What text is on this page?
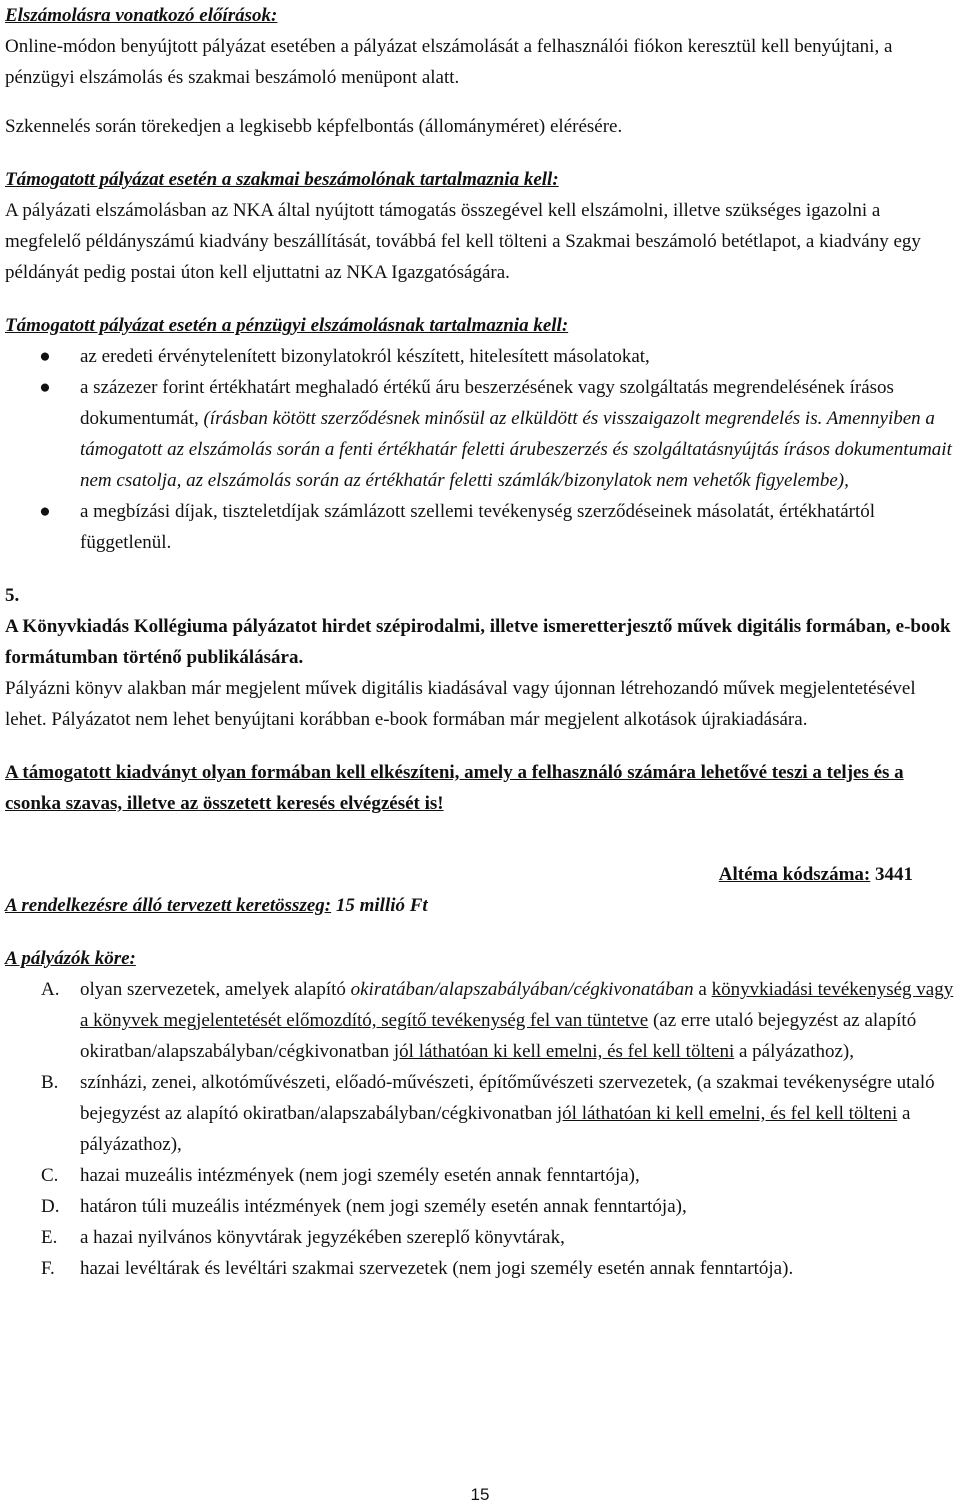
Elszámolásra vonatkozó előírások:

Online-módon benyújtott pályázat esetében a pályázat elszámolását a felhasználói fiókon keresztül kell benyújtani, a pénzügyi elszámolás és szakmai beszámoló menüpont alatt.

Szkennelés során törekedjen a legkisebb képfelbontás (állományméret) elérésére.

Támogatott pályázat esetén a szakmai beszámolónak tartalmaznia kell:

A pályázati elszámolásban az NKA által nyújtott támogatás összegével kell elszámolni, illetve szükséges igazolni a megfelelő példányszámú kiadvány beszállítását, továbbá fel kell tölteni a Szakmai beszámoló betétlapot, a kiadvány egy példányát pedig postai úton kell eljuttatni az NKA Igazgatóságára.

Támogatott pályázat esetén a pénzügyi elszámolásnak tartalmaznia kell:

● az eredeti érvénytelenített bizonylatokról készített, hitelesített másolatokat,

● a százezer forint értékhatárt meghaladó értékű áru beszerzésének vagy szolgáltatás megrendelésének írásos dokumentumát, (írásban kötött szerződésnek minősül az elküldött és visszaigazolt megrendelés is. Amennyiben a támogatott az elszámolás során a fenti értékhatár feletti árubeszerzés és szolgáltatásnyújtás írásos dokumentumait nem csatolja, az elszámolás során az értékhatár feletti számlák/bizonylatok nem vehetők figyelembe),

● a megbízási díjak, tiszteletdíjak számlázott szellemi tevékenység szerződéseinek másolatát, értékhatártól függetlenül.

5.

A Könyvkiadás Kollégiuma pályázatot hirdet szépirodalmi, illetve ismeretterjesztő művek digitális formában, e-book formátumban történő publikálására.

Pályázni könyv alakban már megjelent művek digitális kiadásával vagy újonnan létrehozandó művek megjelentetésével lehet. Pályázatot nem lehet benyújtani korábban e-book formában már megjelent alkotások újrakiadására.

A támogatott kiadványt olyan formában kell elkészíteni, amely a felhasználó számára lehetővé teszi a teljes és a csonka szavas, illetve az összetett keresés elvégzését is!

Altéma kódszáma: 3441

A rendelkezésre álló tervezett keretösszeg: 15 millió Ft

A pályázók köre:

A. olyan szervezetek, amelyek alapító okiratában/alapszabályában/cégkivonatában a könyvkiadási tevékenység vagy a könyvek megjelentetését előmozdító, segítő tevékenység fel van tüntetve (az erre utaló bejegyzést az alapító okiratban/alapszabályban/cégkivonatban jól láthatóan ki kell emelni, és fel kell tölteni a pályázathoz),

B. színházi, zenei, alkotóművészeti, előadó-művészeti, építőművészeti szervezetek, (a szakmai tevékenységre utaló bejegyzést az alapító okiratban/alapszabályban/cégkivonatban jól láthatóan ki kell emelni, és fel kell tölteni a pályázathoz),

C. hazai muzeális intézmények (nem jogi személy esetén annak fenntartója),

D. határon túli muzeális intézmények (nem jogi személy esetén annak fenntartója),

E. a hazai nyilvános könyvtárak jegyzékében szereplő könyvtárak,

F. hazai levéltárak és levéltári szakmai szervezetek (nem jogi személy esetén annak fenntartója).

15
